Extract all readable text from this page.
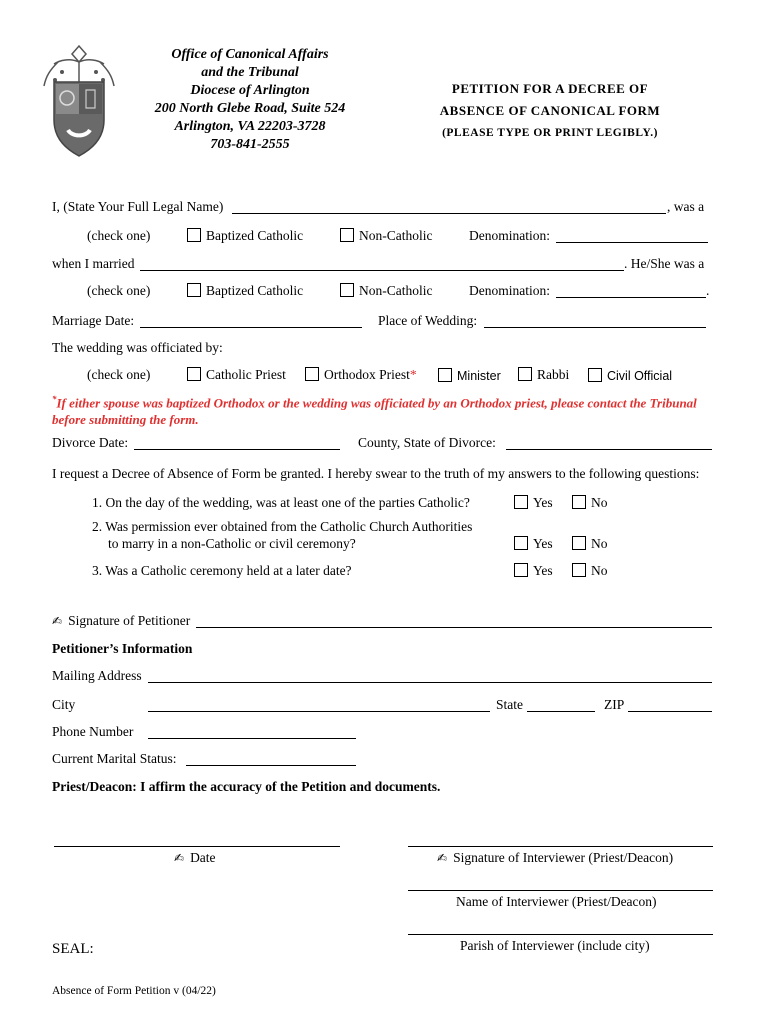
Office of Canonical Affairs
and the Tribunal
Diocese of Arlington
200 North Glebe Road, Suite 524
Arlington, VA 22203-3728
703-841-2555
PETITION FOR A DECREE OF
ABSENCE OF CANONICAL FORM
(PLEASE TYPE OR PRINT LEGIBLY.)
I, (State Your Full Legal Name)	, was a
(check one)	Baptized Catholic	Non-Catholic	Denomination:
when I married	. He/She was a
(check one)	Baptized Catholic	Non-Catholic	Denomination:	.
Marriage Date:	Place of Wedding:
The wedding was officiated by:
(check one)	Catholic Priest	Orthodox Priest*	Minister	Rabbi	Civil Official
*If either spouse was baptized Orthodox or the wedding was officiated by an Orthodox priest, please contact the Tribunal before submitting the form.
Divorce Date:	County, State of Divorce:
I request a Decree of Absence of Form be granted. I hereby swear to the truth of my answers to the following questions:
1. On the day of the wedding, was at least one of the parties Catholic?	Yes	No
2. Was permission ever obtained from the Catholic Church Authorities
to marry in a non-Catholic or civil ceremony?	Yes	No
3. Was a Catholic ceremony held at a later date?	Yes	No
✍ Signature of Petitioner
Petitioner’s Information
Mailing Address
City	State	ZIP
Phone Number
Current Marital Status:
Priest/Deacon: I affirm the accuracy of the Petition and documents.
✍ Date	✍ Signature of Interviewer (Priest/Deacon)
Name of Interviewer (Priest/Deacon)
Parish of Interviewer (include city)
SEAL:
Absence of Form Petition v (04/22)
